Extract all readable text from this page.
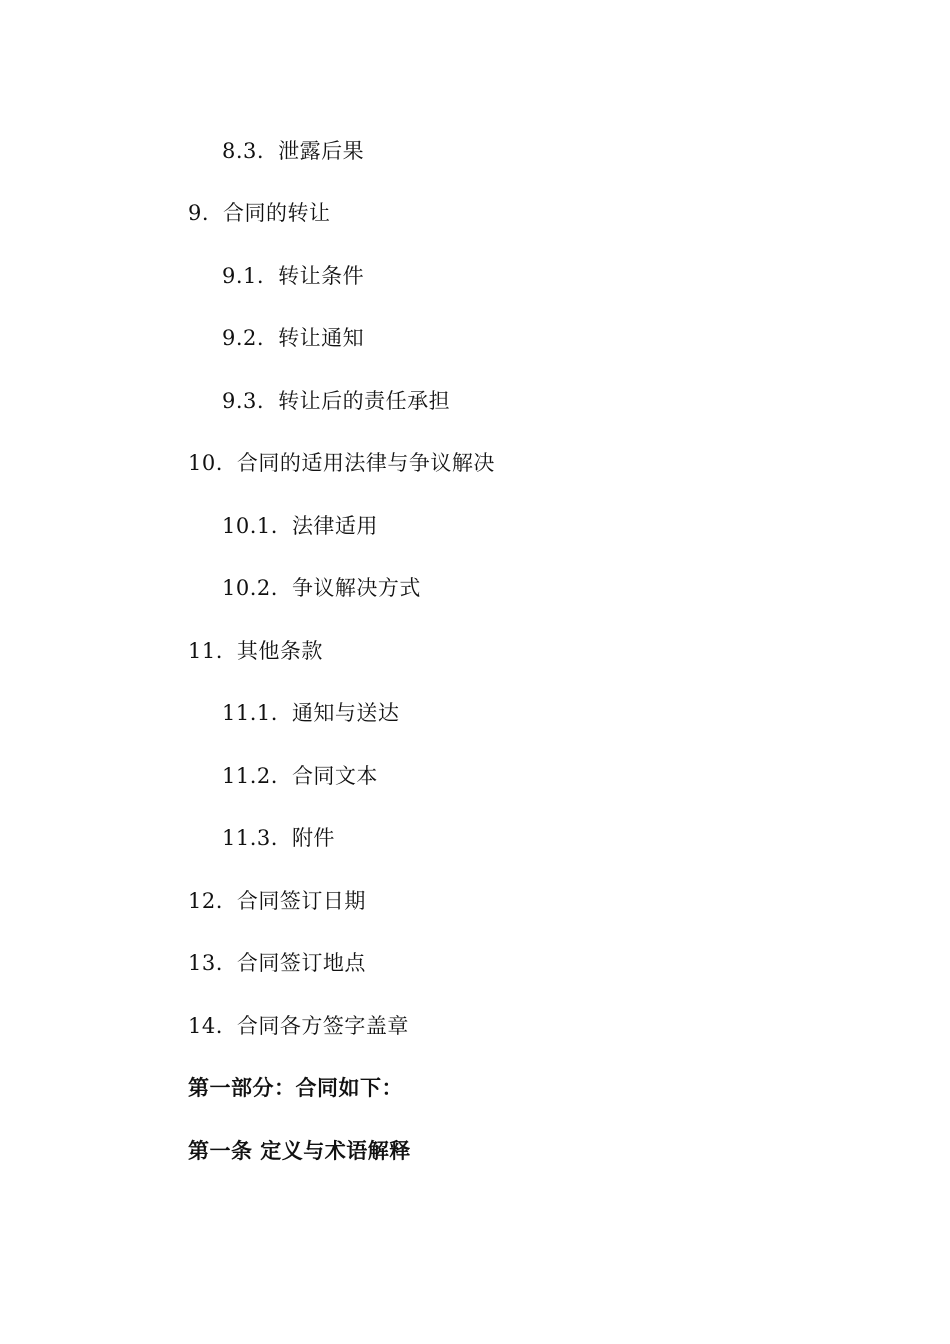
8.3. 泄露后果
9. 合同的转让
9.1. 转让条件
9.2. 转让通知
9.3. 转让后的责任承担
10. 合同的适用法律与争议解决
10.1. 法律适用
10.2. 争议解决方式
11. 其他条款
11.1. 通知与送达
11.2. 合同文本
11.3. 附件
12. 合同签订日期
13. 合同签订地点
14. 合同各方签字盖章
第一部分：合同如下：
第一条 定义与术语解释
